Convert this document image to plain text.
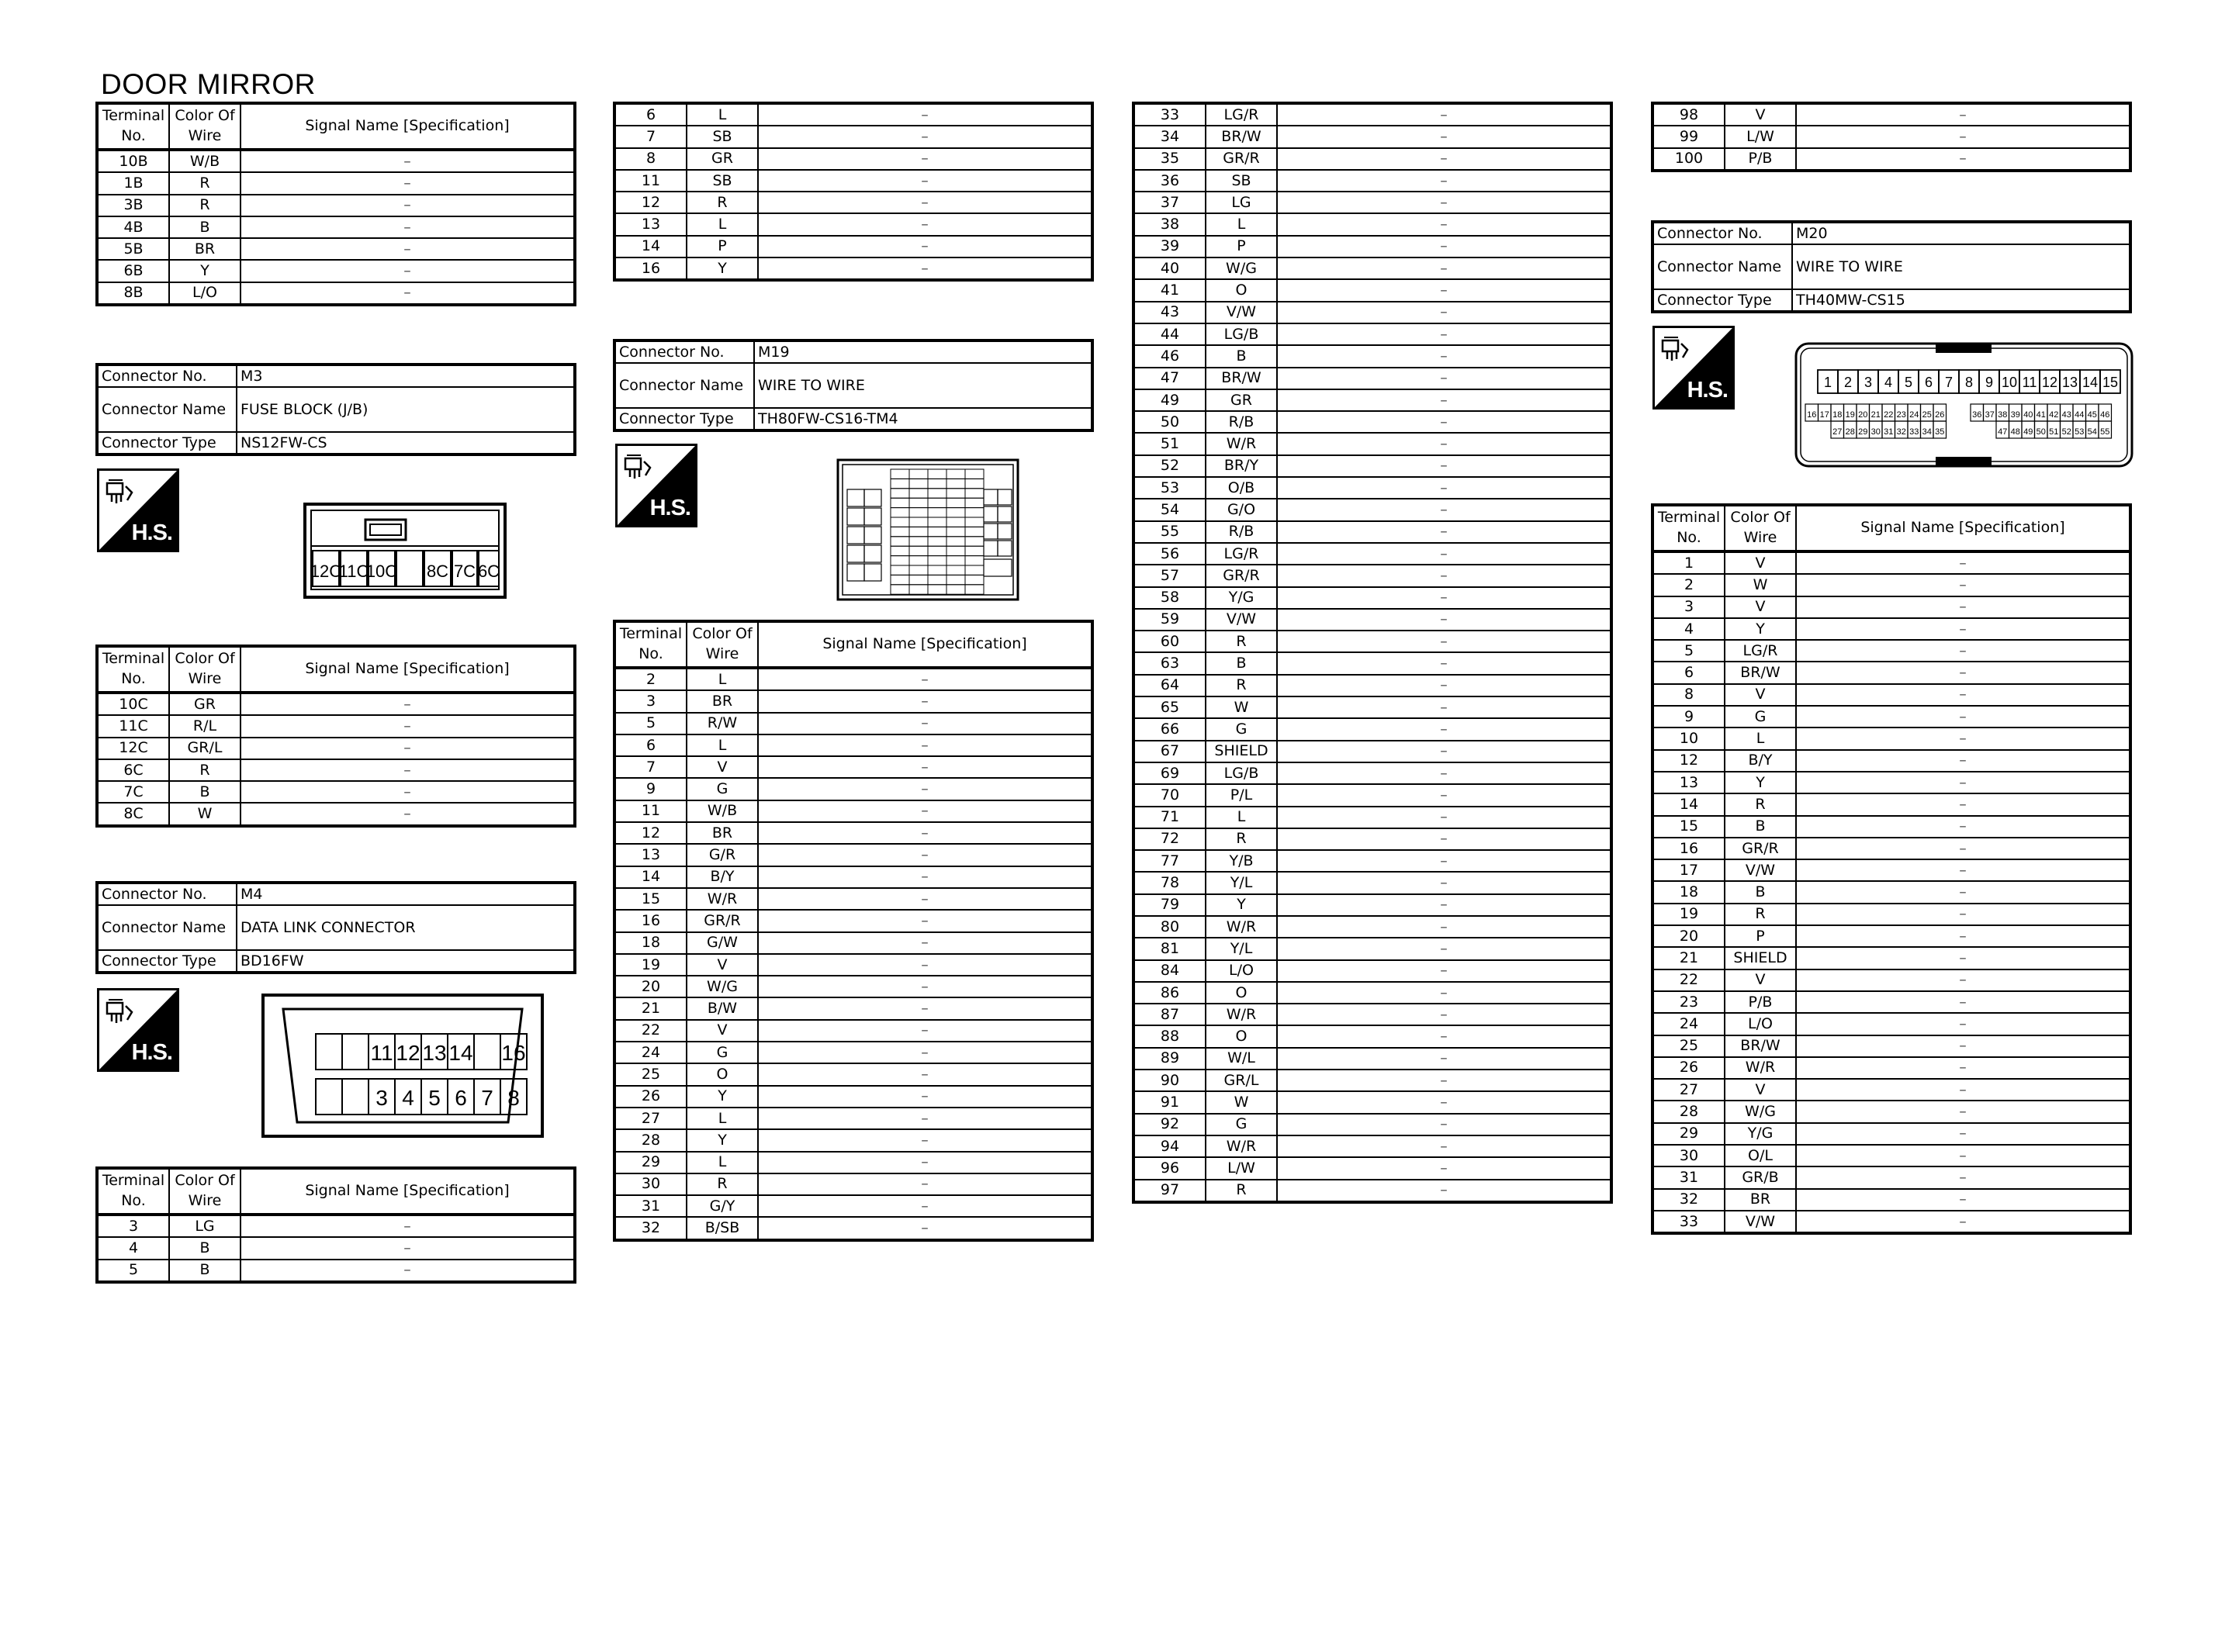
DOOR MIRROR
Terminal No.	Color Of Wire	Signal Name [Specification]
10B	W/B	–
1B	R	–
3B	R	–
4B	B	–
5B	BR	–
6B	Y	–
8B	L/O	–
Connector No.	M3
Connector Name	FUSE BLOCK (J/B)
Connector Type	NS12FW-CS
H.S.
12C
11C
10C 8C 7C 6C
Terminal No.	Color Of Wire	Signal Name [Specification]
10C	GR	–
11C	R/L	–
12C	GR/L	–
6C	R	–
7C	B	–
8C	W	–
Connector No.	M4
Connector Name	DATA LINK CONNECTOR
Connector Type	BD16FW
H.S.	11 12 13 14 16
3 4 5 6 7 8
Terminal No.	Color Of Wire	Signal Name [Specification]
3	LG	–
4	B	–
5	B	–
6	L	–
7	SB	–
8	GR	–
11	SB	–
12	R	–
13	L	–
14	P	–
16	Y	–
Connector No.	M19
Connector Name	WIRE TO WIRE
Connector Type	TH80FW-CS16-TM4
H.S.
Terminal No.	Color Of Wire	Signal Name [Specification]
2	L	–
3	BR	–
5	R/W	–
6	L	–
7	V	–
9	G	–
11	W/B	–
12	BR	–
13	G/R	–
14	B/Y	–
15	W/R	–
16	GR/R	–
18	G/W	–
19	V	–
20	W/G	–
21	B/W	–
22	V	–
24	G	–
25	O	–
26	Y	–
27	L	–
28	Y	–
29	L	–
30	R	–
31	G/Y	–
32	B/SB	–
33	LG/R	–
34	BR/W	–
35	GR/R	–
36	SB	–
37	LG	–
38	L	–
39	P	–
40	W/G	–
41	O	–
43	V/W	–
44	LG/B	–
46	B	–
47	BR/W	–
49	GR	–
50	R/B	–
51	W/R	–
52	BR/Y	–
53	O/B	–
54	G/O	–
55	R/B	–
56	LG/R	–
57	GR/R	–
58	Y/G	–
59	V/W	–
60	R	–
63	B	–
64	R	–
65	W	–
66	G	–
67	SHIELD	–
69	LG/B	–
70	P/L	–
71	L	–
72	R	–
77	Y/B	–
78	Y/L	–
79	Y	–
80	W/R	–
81	Y/L	–
84	L/O	–
86	O	–
87	W/R	–
88	O	–
89	W/L	–
90	GR/L	–
91	W	–
92	G	–
94	W/R	–
96	L/W	–
97	R	–
98	V	–
99	L/W	–
100	P/B	–
Connector No.	M20
Connector Name	WIRE TO WIRE
Connector Type	TH40MW-CS15
H.S.	1 2 3 4 5 6 7 8 9 10 11 12 13 14 15
16 17 18 19 20 21 22 23 24 25 26	36 37 38 39 40 41 42 43 44 45 46
27 28 29 30 31 32 33 34 35	47 48 49 50 51 52 53 54 55
Terminal No.	Color Of Wire	Signal Name [Specification]
1	V	–
2	W	–
3	V	–
4	Y	–
5	LG/R	–
6	BR/W	–
8	V	–
9	G	–
10	L	–
12	B/Y	–
13	Y	–
14	R	–
15	B	–
16	GR/R	–
17	V/W	–
18	B	–
19	R	–
20	P	–
21	SHIELD	–
22	V	–
23	P/B	–
24	L/O	–
25	BR/W	–
26	W/R	–
27	V	–
28	W/G	–
29	Y/G	–
30	O/L	–
31	GR/B	–
32	BR	–
33	V/W	–
